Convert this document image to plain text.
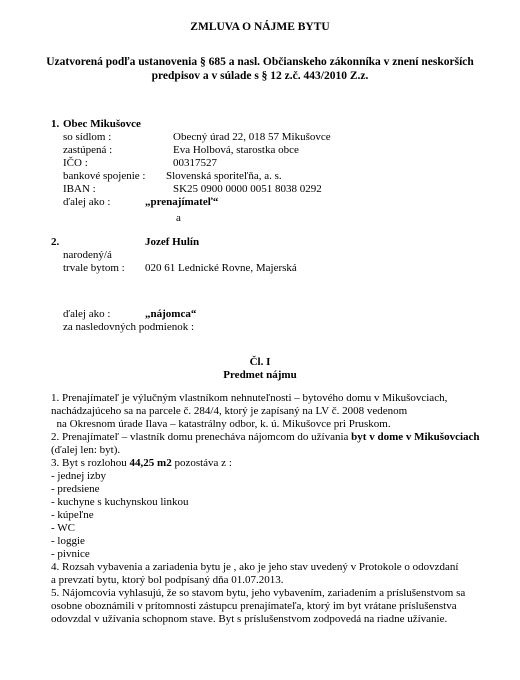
ZMLUVA O NÁJME BYTU
Uzatvorená podľa ustanovenia § 685 a nasl. Občianskeho zákonníka v znení neskorších predpisov a v súlade s § 12 z.č. 443/2010 Z.z.
1. Obec Mikušovce
so sídlom :	Obecný úrad 22, 018 57 Mikušovce
zastúpená :	Eva Holbová, starostka obce
IČO :	00317527
bankové spojenie : Slovenská sporiteľňa, a. s.
IBAN :	SK25 0900 0000 0051 8038 0292
ďalej ako :	„prenajímateľ“
a
2.	Jozef Hulín
narodený/á
trvale bytom : 020 61 Lednické Rovne, Majerská
ďalej ako :	„nájomca“
za nasledovných podmienok :
Čl. I
Predmet nájmu
1. Prenajímateľ je výlučným vlastníkom nehnuteľnosti – bytového domu v Mikušovciach,
nachádzajúceho sa na parcele č. 284/4, ktorý je zapísaný na LV č. 2008 vedenom
na Okresnom úrade Ilava – katastrálny odbor, k. ú. Mikušovce pri Pruskom.
2. Prenajímateľ – vlastník domu prenecháva nájomcom do užívania byt v dome v Mikušovciach
(ďalej len: byt).
3. Byt s rozlohou 44,25 m2 pozostáva z :
- jednej izby
- predsiene
- kuchyne s kuchynskou linkou
- kúpeľne
- WC
- loggie
- pivnice
4. Rozsah vybavenia a zariadenia bytu je , ako je jeho stav uvedený v Protokole o odovzdaní
a prevzatí bytu, ktorý bol podpísaný dňa 01.07.2013.
5. Nájomcovia vyhlasujú, že so stavom bytu, jeho vybavením, zariadením a príslušenstvom sa
osobne oboznámili v prítomnosti zástupcu prenajímateľa, ktorý im byt vrátane príslušenstva
odovzdal v užívania schopnom stave. Byt s príslušenstvom zodpovedá na riadne užívanie.
